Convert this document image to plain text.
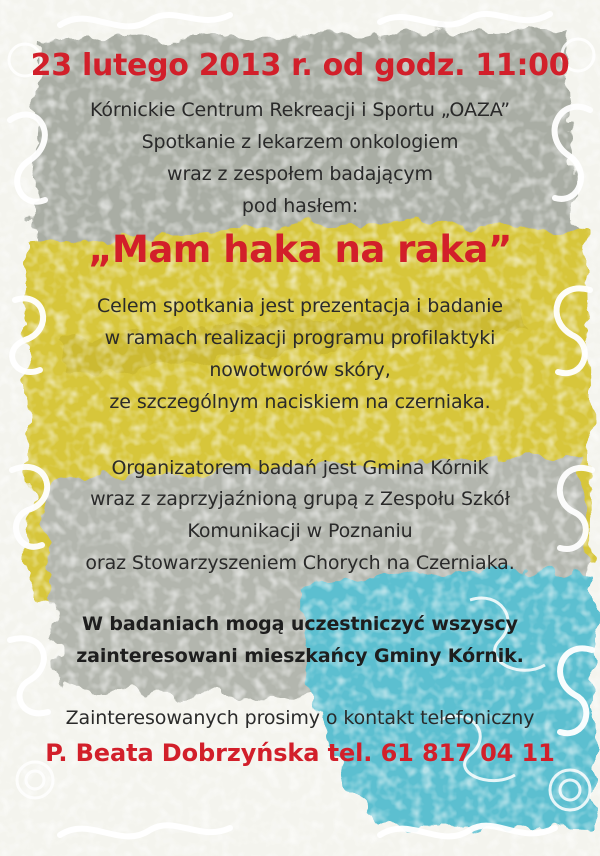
23 lutego 2013 r. od godz. 11:00
Kórnickie Centrum Rekreacji i Sportu „OAZA”
Spotkanie z lekarzem onkologiem
wraz z zespołem badającym
pod hasłem:
„Mam haka na raka”
Celem spotkania jest prezentacja i badanie
w ramach realizacji programu profilaktyki
nowotworów skóry,
ze szczególnym naciskiem na czerniaka.
Organizatorem badań jest Gmina Kórnik
wraz z zaprzyjaźnioną grupą z Zespołu Szkół
Komunikacji w Poznaniu
oraz Stowarzyszeniem Chorych na Czerniaka.
W badaniach mogą uczestniczyć wszyscy
zainteresowani mieszkańcy Gminy Kórnik.
Zainteresowanych prosimy o kontakt telefoniczny
P. Beata Dobrzyńska tel. 61 817 04 11
